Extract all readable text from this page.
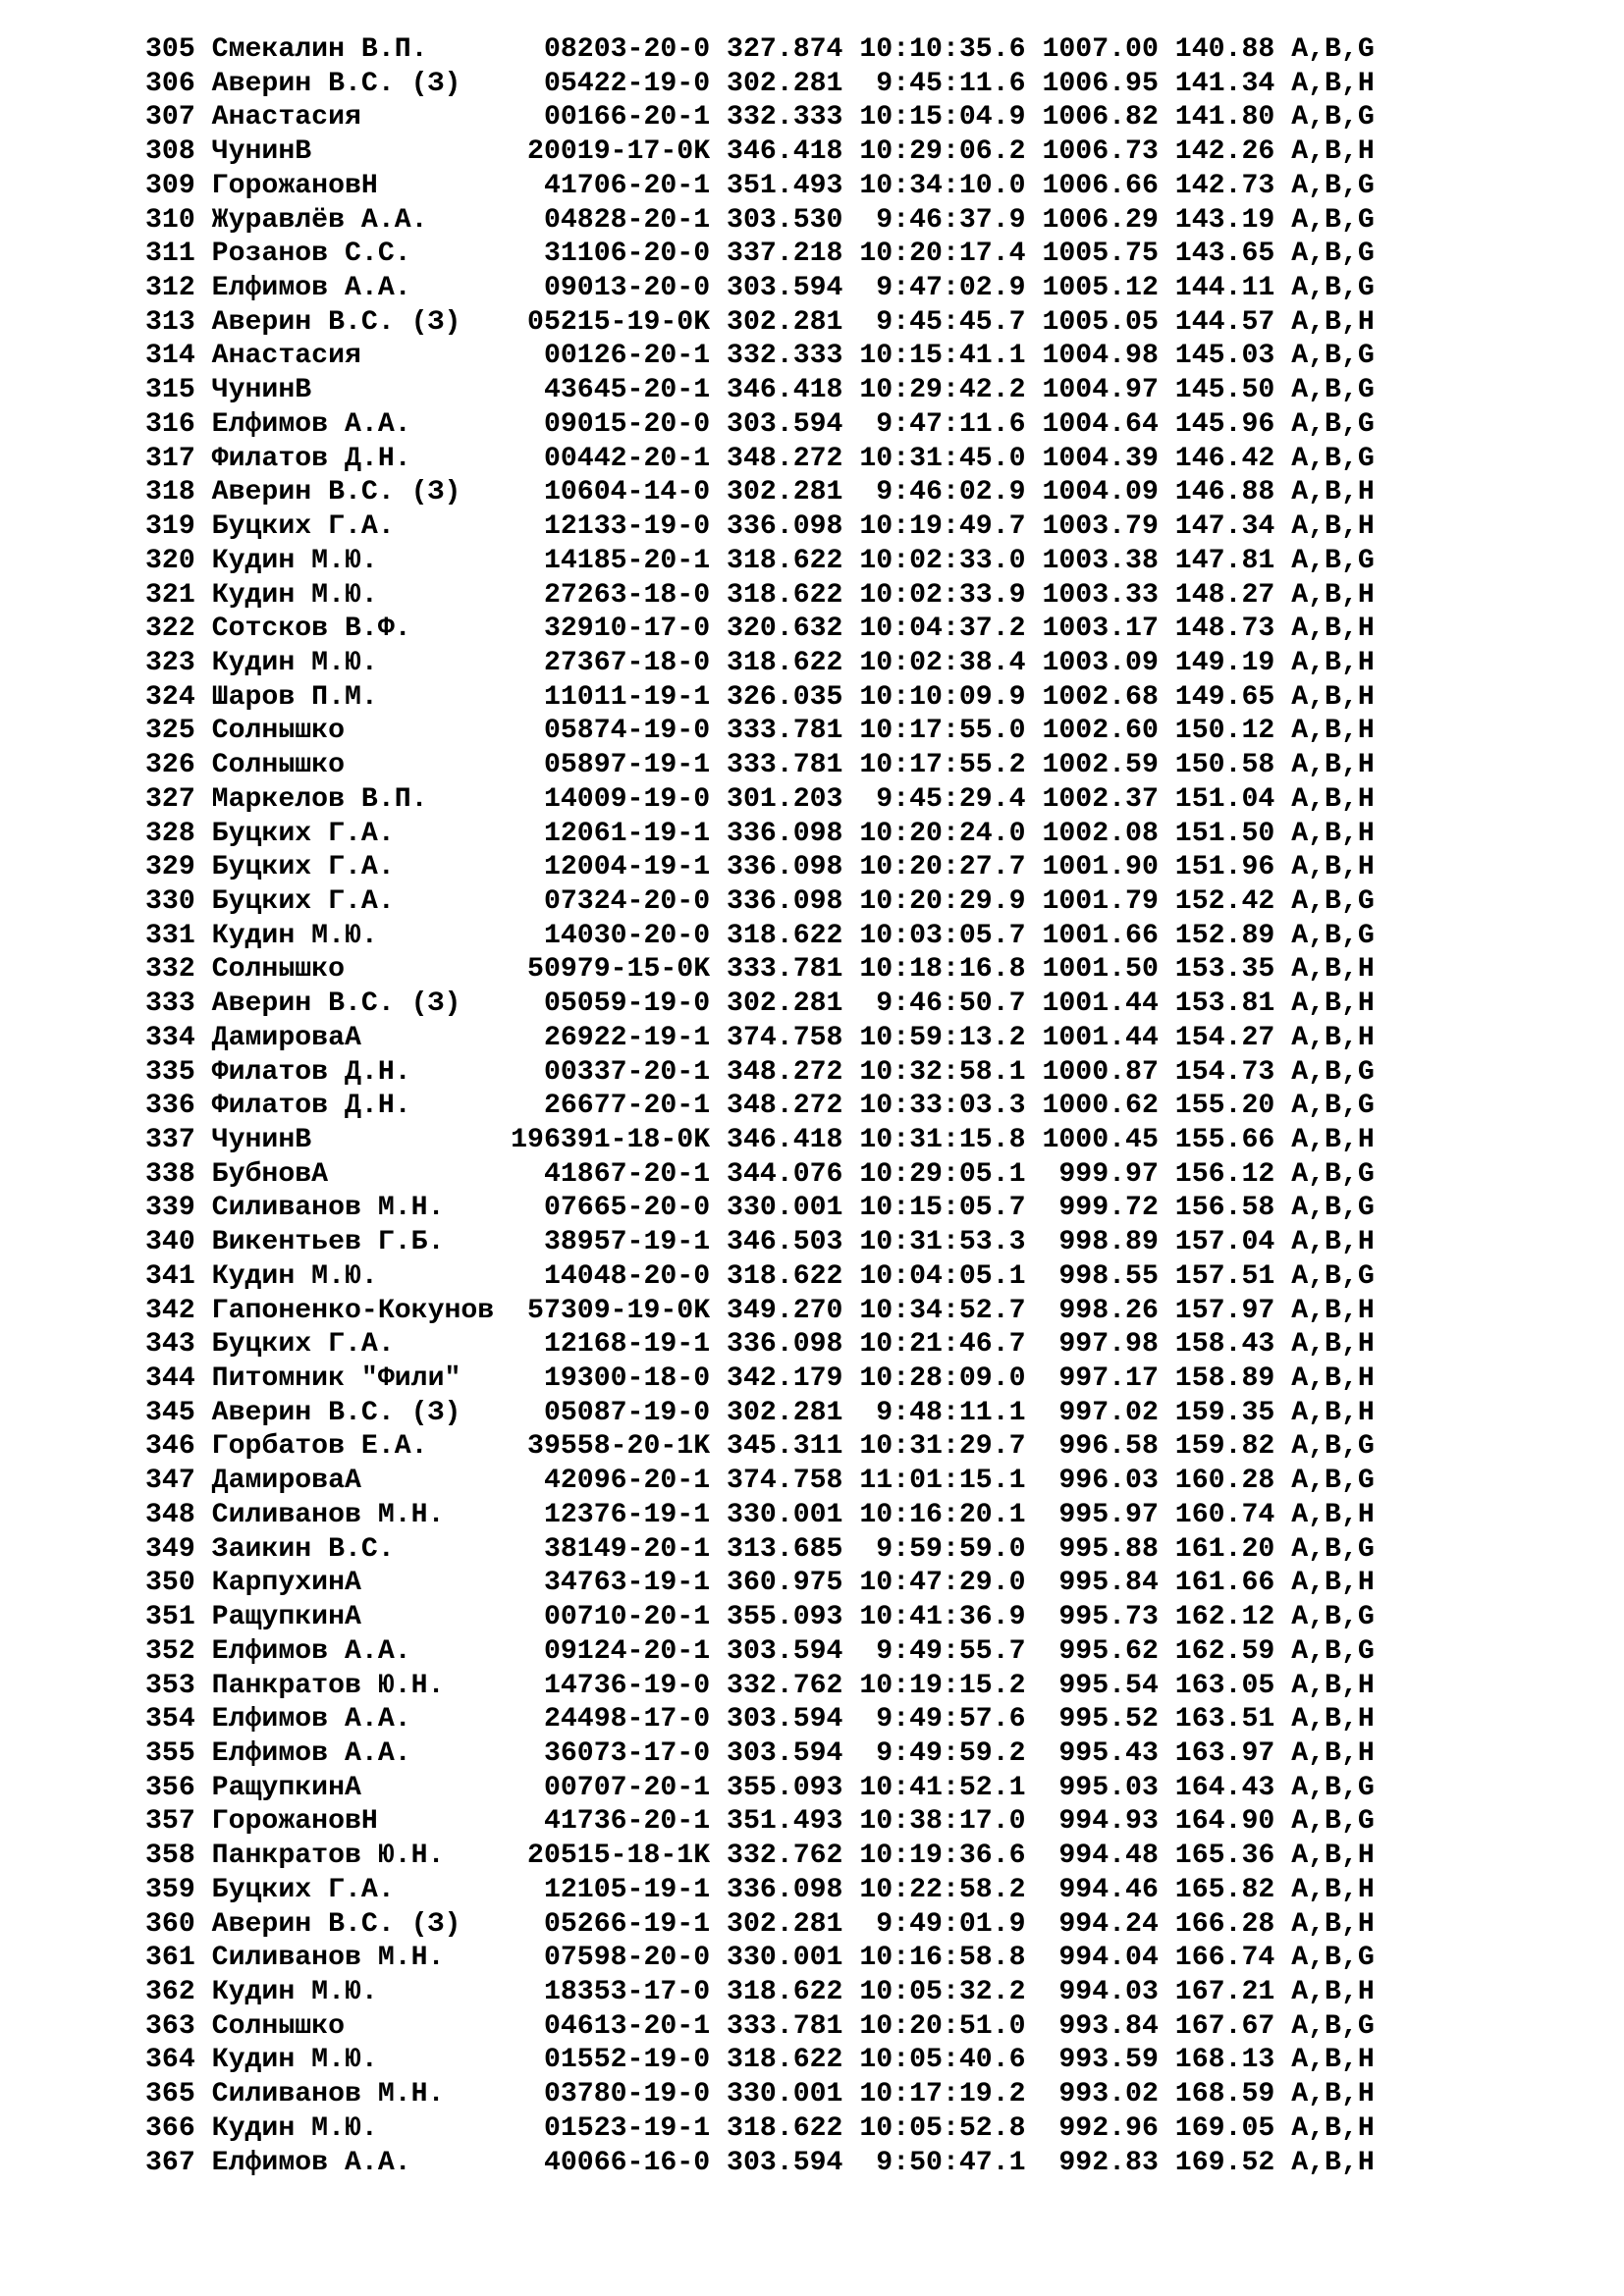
305 Смекалин В.П.       08203-20-0 327.874 10:10:35.6 1007.00 140.88 A,B,G
306 Аверин В.С. (З)     05422-19-0 302.281  9:45:11.6 1006.95 141.34 A,B,H
307 Анастасия           00166-20-1 332.333 10:15:04.9 1006.82 141.80 A,B,G
308 ЧунинВ             20019-17-0K 346.418 10:29:06.2 1006.73 142.26 A,B,H
309 ГорожановН          41706-20-1 351.493 10:34:10.0 1006.66 142.73 A,B,G
310 Журавлёв А.А.       04828-20-1 303.530  9:46:37.9 1006.29 143.19 A,B,G
311 Розанов С.С.        31106-20-0 337.218 10:20:17.4 1005.75 143.65 A,B,G
312 Елфимов А.А.        09013-20-0 303.594  9:47:02.9 1005.12 144.11 A,B,G
313 Аверин В.С. (З)    05215-19-0K 302.281  9:45:45.7 1005.05 144.57 A,B,H
314 Анастасия           00126-20-1 332.333 10:15:41.1 1004.98 145.03 A,B,G
315 ЧунинВ              43645-20-1 346.418 10:29:42.2 1004.97 145.50 A,B,G
316 Елфимов А.А.        09015-20-0 303.594  9:47:11.6 1004.64 145.96 A,B,G
317 Филатов Д.Н.        00442-20-1 348.272 10:31:45.0 1004.39 146.42 A,B,G
318 Аверин В.С. (З)     10604-14-0 302.281  9:46:02.9 1004.09 146.88 A,B,H
319 Буцких Г.А.         12133-19-0 336.098 10:19:49.7 1003.79 147.34 A,B,H
320 Кудин М.Ю.          14185-20-1 318.622 10:02:33.0 1003.38 147.81 A,B,G
321 Кудин М.Ю.          27263-18-0 318.622 10:02:33.9 1003.33 148.27 A,B,H
322 Сотсков В.Ф.        32910-17-0 320.632 10:04:37.2 1003.17 148.73 A,B,H
323 Кудин М.Ю.          27367-18-0 318.622 10:02:38.4 1003.09 149.19 A,B,H
324 Шаров П.М.          11011-19-1 326.035 10:10:09.9 1002.68 149.65 A,B,H
325 Солнышко            05874-19-0 333.781 10:17:55.0 1002.60 150.12 A,B,H
326 Солнышко            05897-19-1 333.781 10:17:55.2 1002.59 150.58 A,B,H
327 Маркелов В.П.       14009-19-0 301.203  9:45:29.4 1002.37 151.04 A,B,H
328 Буцких Г.А.         12061-19-1 336.098 10:20:24.0 1002.08 151.50 A,B,H
329 Буцких Г.А.         12004-19-1 336.098 10:20:27.7 1001.90 151.96 A,B,H
330 Буцких Г.А.         07324-20-0 336.098 10:20:29.9 1001.79 152.42 A,B,G
331 Кудин М.Ю.          14030-20-0 318.622 10:03:05.7 1001.66 152.89 A,B,G
332 Солнышко           50979-15-0K 333.781 10:18:16.8 1001.50 153.35 A,B,H
333 Аверин В.С. (З)     05059-19-0 302.281  9:46:50.7 1001.44 153.81 A,B,H
334 ДамироваА           26922-19-1 374.758 10:59:13.2 1001.44 154.27 A,B,H
335 Филатов Д.Н.        00337-20-1 348.272 10:32:58.1 1000.87 154.73 A,B,G
336 Филатов Д.Н.        26677-20-1 348.272 10:33:03.3 1000.62 155.20 A,B,G
337 ЧунинВ            196391-18-0K 346.418 10:31:15.8 1000.45 155.66 A,B,H
338 БубновА             41867-20-1 344.076 10:29:05.1  999.97 156.12 A,B,G
339 Силиванов М.Н.      07665-20-0 330.001 10:15:05.7  999.72 156.58 A,B,G
340 Викентьев Г.Б.      38957-19-1 346.503 10:31:53.3  998.89 157.04 A,B,H
341 Кудин М.Ю.          14048-20-0 318.622 10:04:05.1  998.55 157.51 A,B,G
342 Гапоненко-Кокунов  57309-19-0K 349.270 10:34:52.7  998.26 157.97 A,B,H
343 Буцких Г.А.         12168-19-1 336.098 10:21:46.7  997.98 158.43 A,B,H
344 Питомник "Фили"     19300-18-0 342.179 10:28:09.0  997.17 158.89 A,B,H
345 Аверин В.С. (З)     05087-19-0 302.281  9:48:11.1  997.02 159.35 A,B,H
346 Горбатов Е.А.      39558-20-1K 345.311 10:31:29.7  996.58 159.82 A,B,G
347 ДамироваА           42096-20-1 374.758 11:01:15.1  996.03 160.28 A,B,G
348 Силиванов М.Н.      12376-19-1 330.001 10:16:20.1  995.97 160.74 A,B,H
349 Заикин В.С.         38149-20-1 313.685  9:59:59.0  995.88 161.20 A,B,G
350 КарпухинА           34763-19-1 360.975 10:47:29.0  995.84 161.66 A,B,H
351 РащупкинА           00710-20-1 355.093 10:41:36.9  995.73 162.12 A,B,G
352 Елфимов А.А.        09124-20-1 303.594  9:49:55.7  995.62 162.59 A,B,G
353 Панкратов Ю.Н.      14736-19-0 332.762 10:19:15.2  995.54 163.05 A,B,H
354 Елфимов А.А.        24498-17-0 303.594  9:49:57.6  995.52 163.51 A,B,H
355 Елфимов А.А.        36073-17-0 303.594  9:49:59.2  995.43 163.97 A,B,H
356 РащупкинА           00707-20-1 355.093 10:41:52.1  995.03 164.43 A,B,G
357 ГорожановН          41736-20-1 351.493 10:38:17.0  994.93 164.90 A,B,G
358 Панкратов Ю.Н.     20515-18-1K 332.762 10:19:36.6  994.48 165.36 A,B,H
359 Буцких Г.А.         12105-19-1 336.098 10:22:58.2  994.46 165.82 A,B,H
360 Аверин В.С. (З)     05266-19-1 302.281  9:49:01.9  994.24 166.28 A,B,H
361 Силиванов М.Н.      07598-20-0 330.001 10:16:58.8  994.04 166.74 A,B,G
362 Кудин М.Ю.          18353-17-0 318.622 10:05:32.2  994.03 167.21 A,B,H
363 Солнышко            04613-20-1 333.781 10:20:51.0  993.84 167.67 A,B,G
364 Кудин М.Ю.          01552-19-0 318.622 10:05:40.6  993.59 168.13 A,B,H
365 Силиванов М.Н.      03780-19-0 330.001 10:17:19.2  993.02 168.59 A,B,H
366 Кудин М.Ю.          01523-19-1 318.622 10:05:52.8  992.96 169.05 A,B,H
367 Елфимов А.А.        40066-16-0 303.594  9:50:47.1  992.83 169.52 A,B,H
